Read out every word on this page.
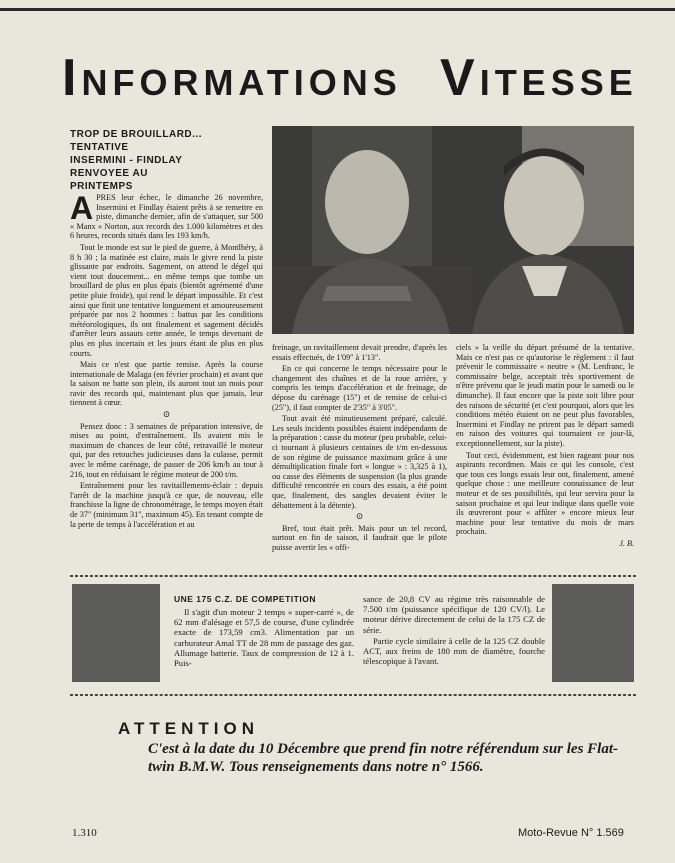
INFORMATIONS VITESSE
TROP DE BROUILLARD...
TENTATIVE
INSERMINI - FINDLAY
RENVOYEE AU
PRINTEMPS

APRES leur échec, le dimanche 26 novembre, Insermini et Findlay étaient prêts à se remettre en piste, dimanche dernier, afin de s'attaquer, sur 500 « Manx » Norton, aux records des 1.000 kilomètres et des 6 heures, records situés dans les 193 km/h.

Tout le monde est sur le pied de guerre, à Montlhéry, à 8 h 30 ; la matinée est claire, mais le givre rend la piste glissante par endroits. Sagement, on attend le dégel qui vient tout doucement... en même temps que tombe un brouillard de plus en plus épais (bientôt agrémenté d'une petite pluie froide), qui rend le départ impossible. Et c'est ainsi que finit une tentative longuement et amoureusement préparée par nos 2 hommes : battus par les conditions météorologiques, ils ont finalement et sagement décidés d'arrêter leurs assauts cette année, le temps devenant de plus en plus incertain et les jours étant de plus en plus courts.

Mais ce n'est que partie remise. Après la course internationale de Malaga (en février prochain) et avant que la saison ne batte son plein, ils auront tout un mois pour ravir des records qui, maintenant plus que jamais, leur tiennent à cœur.

⊙

Pensez donc : 3 semaines de préparation intensive, de mises au point, d'entraînement. Ils avaient mis le maximum de chances de leur côté, retravaillé le moteur qui, par des retouches judicieuses dans la culasse, permit avec le même carénage, de passer de 206 km/h au tour à 216, tout en réduisant le régime moteur de 200 t/m.

Entraînement pour les ravitaillements-éclair : depuis l'arrêt de la machine jusqu'à ce que, de nouveau, elle franchisse la ligne de chronométrage, le temps moyen était de 37" (minimum 31", maximum 45). En tenant compte de la perte de temps à l'accélération et au

freinage, un ravitaillement devait prendre, d'après les essais effectués, de 1'09" à 1'13".

En ce qui concerne le temps nécessaire pour le changement des chaînes et de la roue arrière, y compris les temps d'accélération et de freinage, de dépose du carénage (15") et de remise de celui-ci (25"), il faut compter de 2'35" à 3'05".

Tout avait été minutieusement préparé, calculé. Les seuls incidents possibles étaient indépendants de la préparation : casse du moteur (peu probable, celui-ci tournant à plusieurs centaines de t/m en-dessous de son régime de puissance maximum grâce à une démultiplication finale fort « longue » : 3,325 à 1), ou casse des éléments de suspension (la plus grande difficulté rencontrée en cours des essais, a été point que, finalement, des sangles devaient éviter le débattement à la détente).

⊙

Bref, tout était prêt. Mais pour un tel record, surtout en fin de saison, il faudrait que le pilote puisse avertir les « offi-

ciels » la veille du départ présumé de la tentative. Mais ce n'est pas ce qu'autorise le règlement : il faut prévenir le commissaire « neutre » (M. Lenfranc, le commissaire belge, acceptait très sportivement de n'être prévenu que le jeudi matin pour le samedi ou le dimanche). Il faut encore que la piste soit libre pour des raisons de sécurité (et c'est pourquoi, alors que les conditions météo étaient on ne peut plus favorables, Insermini et Findlay ne prirent pas le départ samedi en raison des voitures qui tournaient ce jour-là, exceptionnellement, sur la piste).

Tout ceci, évidemment, est bien rageant pour nos aspirants recordmen. Mais ce qui les console, c'est que tous ces longs essais leur ont, finalement, amené quelque chose : une meilleure connaissance de leur moteur et de ses possibilités, qui leur servira pour la saison prochaine et qui leur indique dans quelle voie ils œuvreront pour « affûter » encore mieux leur machine pour leur tentative du mois de mars prochain.

J. B.

UNE 175 C.Z. DE COMPETITION

Il s'agit d'un moteur 2 temps « super-carré », de 62 mm d'alésage et 57,5 de course, d'une cylindrée exacte de 173,59 cm3. Alimentation par un carburateur Amal TT de 28 mm de passage des gaz. Allumage batterie. Taux de compression de 12 à 1. Puis-

sance de 20,8 CV au régime très raisonnable de 7.500 t/m (puissance spécifique de 120 CV/l). Le moteur dérive directement de celui de la 175 CZ de série.

Partie cycle similaire à celle de la 125 CZ double ACT, aux freins de 180 mm de diamètre, fourche télescopique à l'avant.

ATTENTION
C'est à la date du 10 Décembre que prend fin notre référendum sur les Flat-twin B.M.W. Tous renseignements dans notre n° 1566.
1.310	Moto-Revue N° 1.569
